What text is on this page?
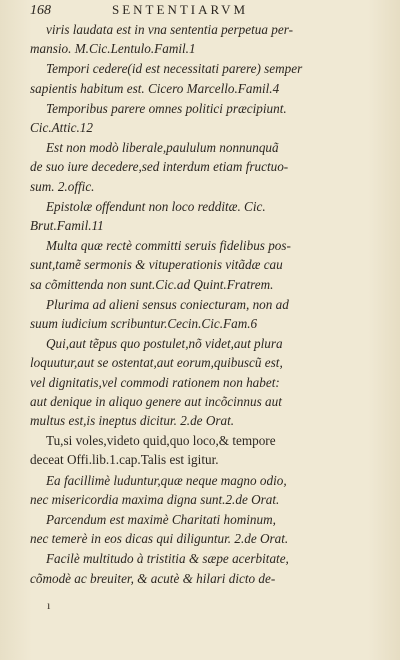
168	SENTENTIARVM
viris laudata est in vna sententia perpetua per-
mansio. M.Cic.Lentulo.Famil.1
Tempori cedere(id est necessitati parere) semper
sapientis habitum est. Cicero Marcello.Famil.4
Temporibus parere omnes politici præcipiunt.
Cic.Attic.12
Est non modò liberale,paululum nonnunquã
de suo iure decedere,sed interdum etiam fructuo-
sum. 2.offic.
Epistolæ offendunt non loco redditæ. Cic.
Brut.Famil.11
Multa quæ rectè committi seruis fidelibus pos-
sunt,tamẽ sermonis & vituperationis vitãdæ cau
sa cõmittenda non sunt.Cic.ad Quint.Fratrem.
Plurima ad alieni sensus coniecturam, non ad
suum iudicium scribuntur.Cecin.Cic.Fam.6
Qui,aut tẽpus quo postulet,nõ videt,aut plura
loquutur,aut se ostentat,aut eorum,quibuscũ est,
vel dignitatis,vel commodi rationem non habet:
aut denique in aliquo genere aut incõcinnus aut
multus est,is ineptus dicitur. 2.de Orat.
Tu,si voles,videto quid,quo loco,& tempore
deceat Offi.lib.1.cap.Talis est igitur.
Ea facillimè luduntur,quæ neque magno odio,
nec misericordia maxima digna sunt.2.de Orat.
Parcendum est maximè Charitati hominum,
nec temerè in eos dicas qui diliguntur. 2.de Orat.
Facilè multitudo à tristitia & sæpe acerbitate,
cõmodè ac breuiter, & acutè & hilari dicto de-
ı
